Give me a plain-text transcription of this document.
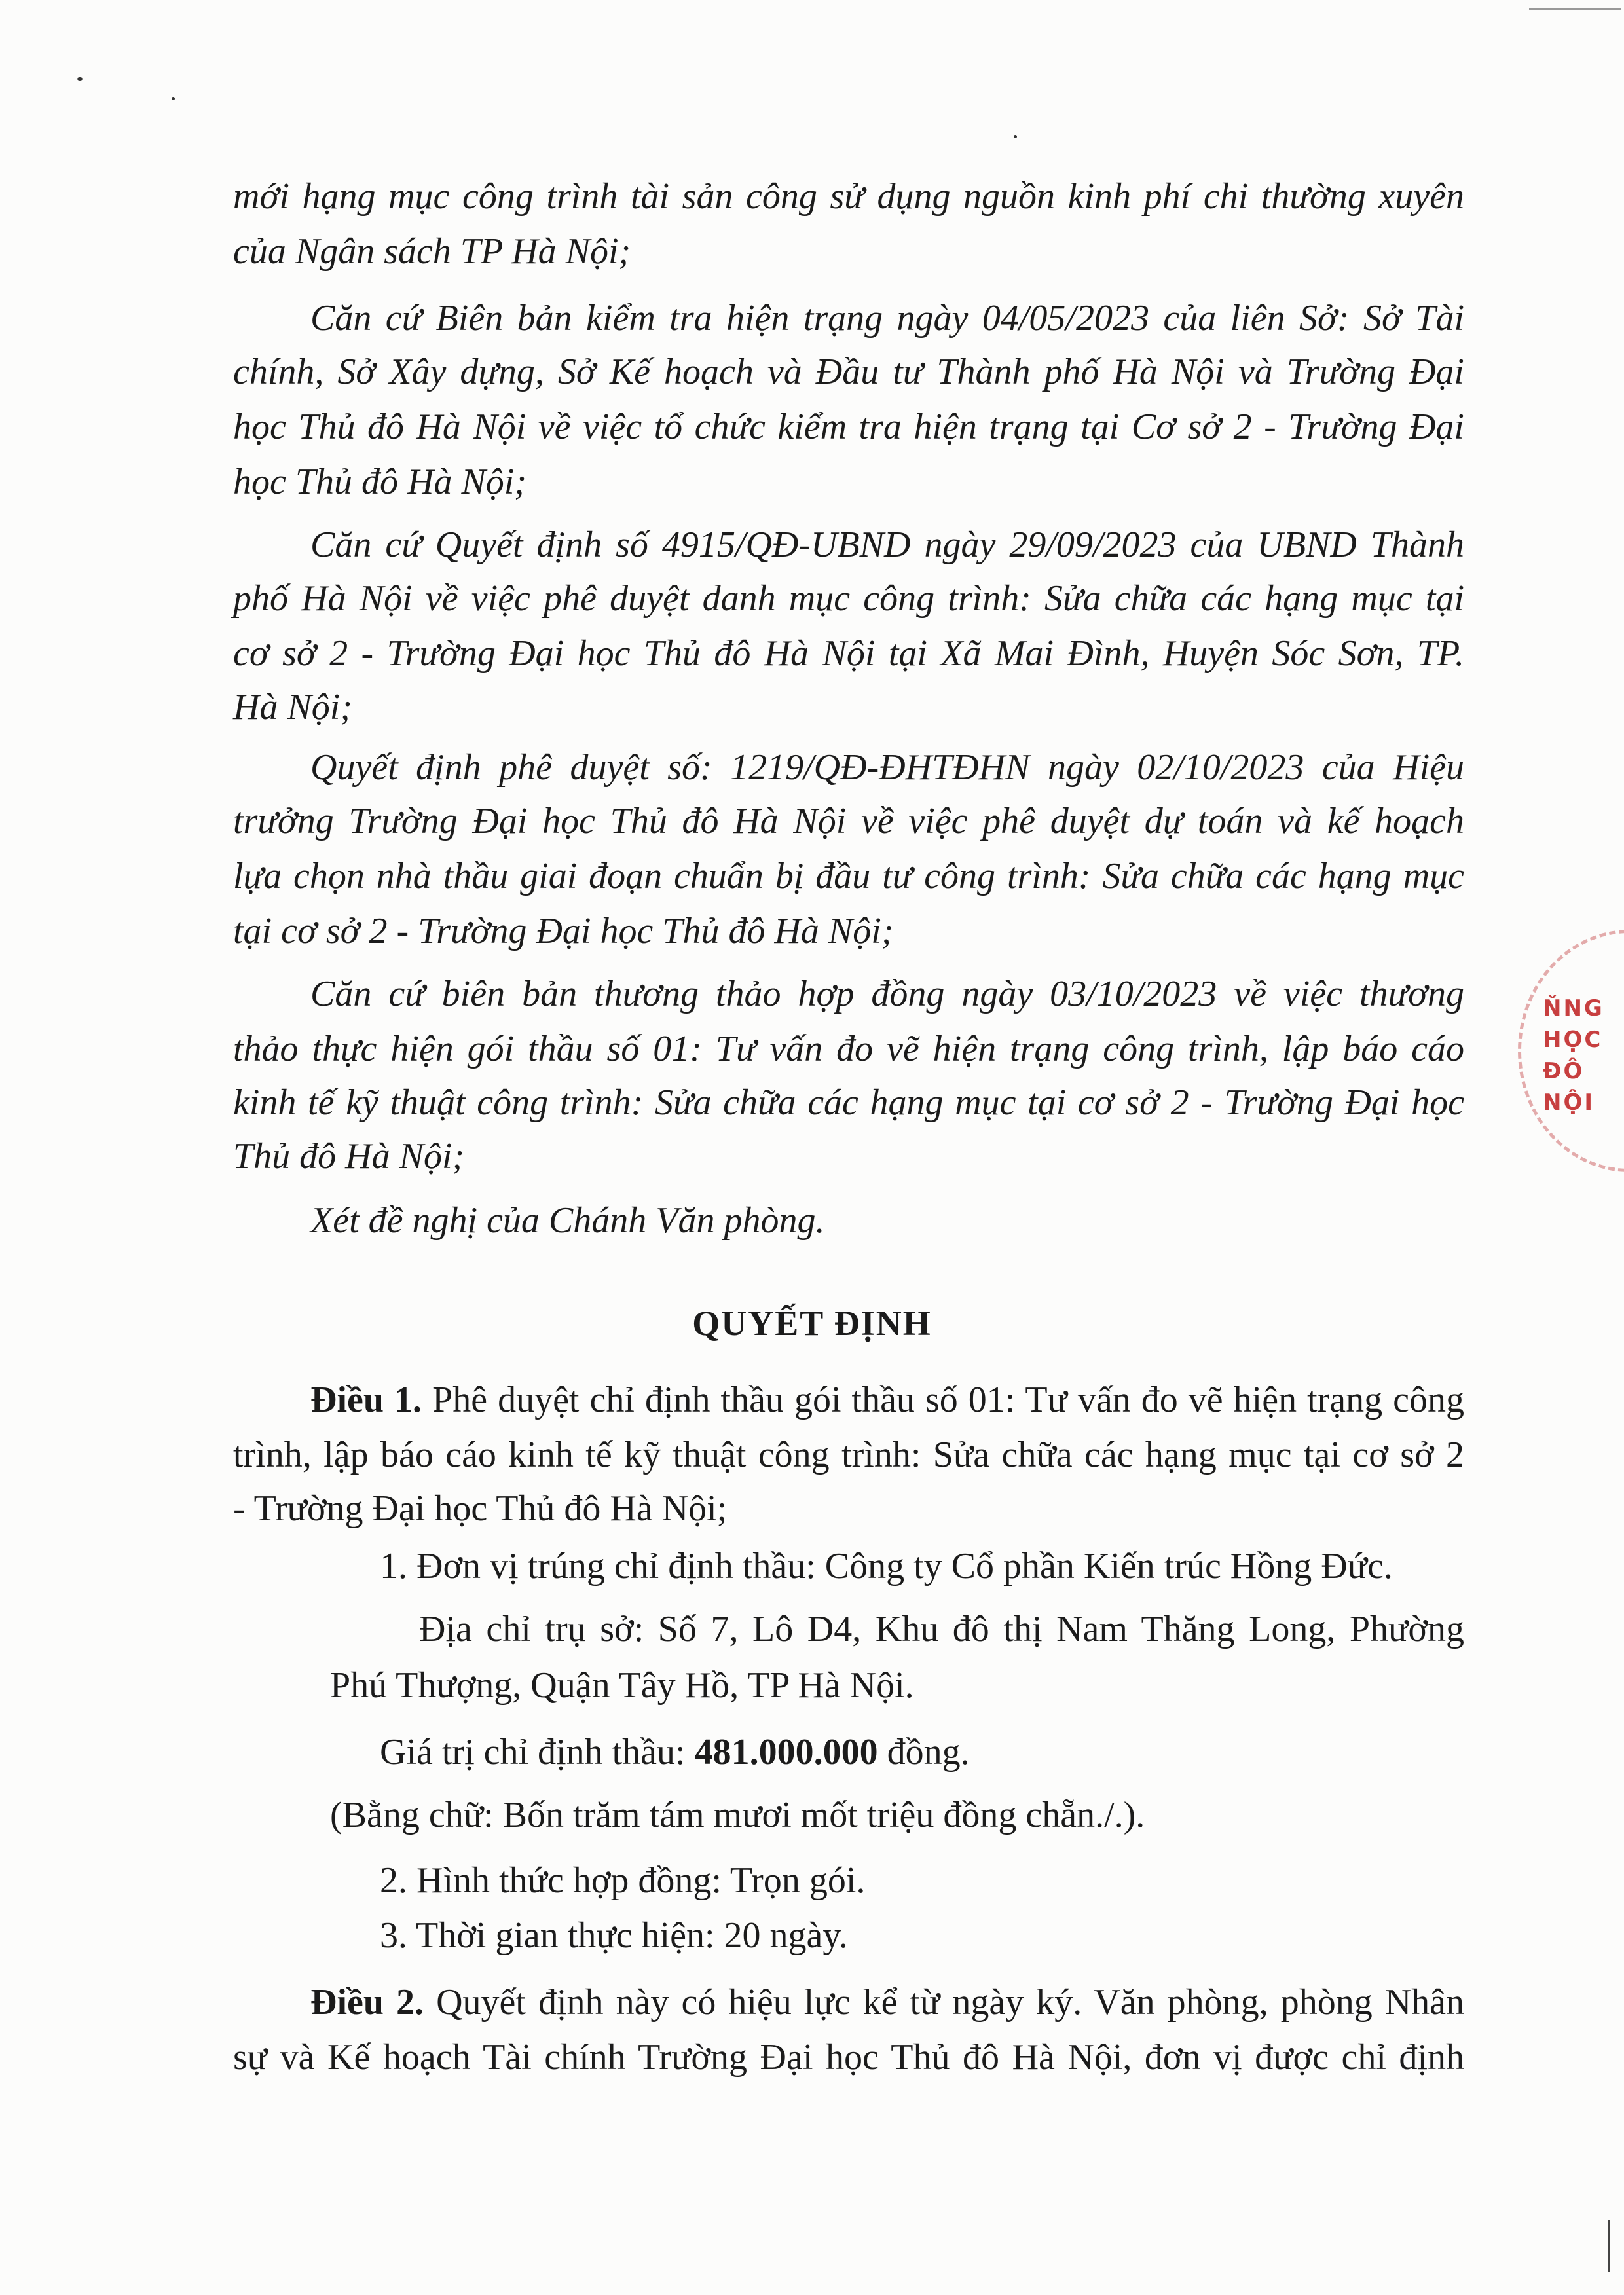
mới hạng mục công trình tài sản công sử dụng nguồn kinh phí chi thường xuyên
của Ngân sách TP Hà Nội;
Căn cứ Biên bản kiểm tra hiện trạng ngày 04/05/2023 của liên Sở: Sở Tài
chính, Sở Xây dựng, Sở Kế hoạch và Đầu tư Thành phố Hà Nội và Trường Đại
học Thủ đô Hà Nội về việc tổ chức kiểm tra hiện trạng tại Cơ sở 2 - Trường Đại
học Thủ đô Hà Nội;
Căn cứ Quyết định số 4915/QĐ-UBND ngày 29/09/2023 của UBND Thành
phố Hà Nội về việc phê duyệt danh mục công trình: Sửa chữa các hạng mục tại
cơ sở 2 - Trường Đại học Thủ đô Hà Nội tại Xã Mai Đình, Huyện Sóc Sơn, TP.
Hà Nội;
Quyết định phê duyệt số: 1219/QĐ-ĐHTĐHN ngày 02/10/2023 của Hiệu
trưởng Trường Đại học Thủ đô Hà Nội về việc phê duyệt dự toán và kế hoạch
lựa chọn nhà thầu giai đoạn chuẩn bị đầu tư công trình: Sửa chữa các hạng mục
tại cơ sở 2 - Trường Đại học Thủ đô Hà Nội;
Căn cứ biên bản thương thảo hợp đồng ngày 03/10/2023 về việc thương
thảo thực hiện gói thầu số 01: Tư vấn đo vẽ hiện trạng công trình, lập báo cáo
kinh tế kỹ thuật công trình: Sửa chữa các hạng mục tại cơ sở 2 - Trường Đại học
Thủ đô Hà Nội;
Xét đề nghị của Chánh Văn phòng.
QUYẾT ĐỊNH
Điều 1. Phê duyệt chỉ định thầu gói thầu số 01: Tư vấn đo vẽ hiện trạng công
trình, lập báo cáo kinh tế kỹ thuật công trình: Sửa chữa các hạng mục tại cơ sở 2
- Trường Đại học Thủ đô Hà Nội;
1. Đơn vị trúng chỉ định thầu: Công ty Cổ phần Kiến trúc Hồng Đức.
Địa chỉ trụ sở: Số 7, Lô D4, Khu đô thị Nam Thăng Long, Phường
Phú Thượng, Quận Tây Hồ, TP Hà Nội.
Giá trị chỉ định thầu: 481.000.000 đồng.
(Bằng chữ: Bốn trăm tám mươi mốt triệu đồng chẵn./.).
2. Hình thức hợp đồng: Trọn gói.
3. Thời gian thực hiện: 20 ngày.
Điều 2. Quyết định này có hiệu lực kể từ ngày ký. Văn phòng, phòng Nhân
sự và Kế hoạch Tài chính Trường Đại học Thủ đô Hà Nội, đơn vị được chỉ định
ŇNG
HỌC
ĐÔ
NỘI
